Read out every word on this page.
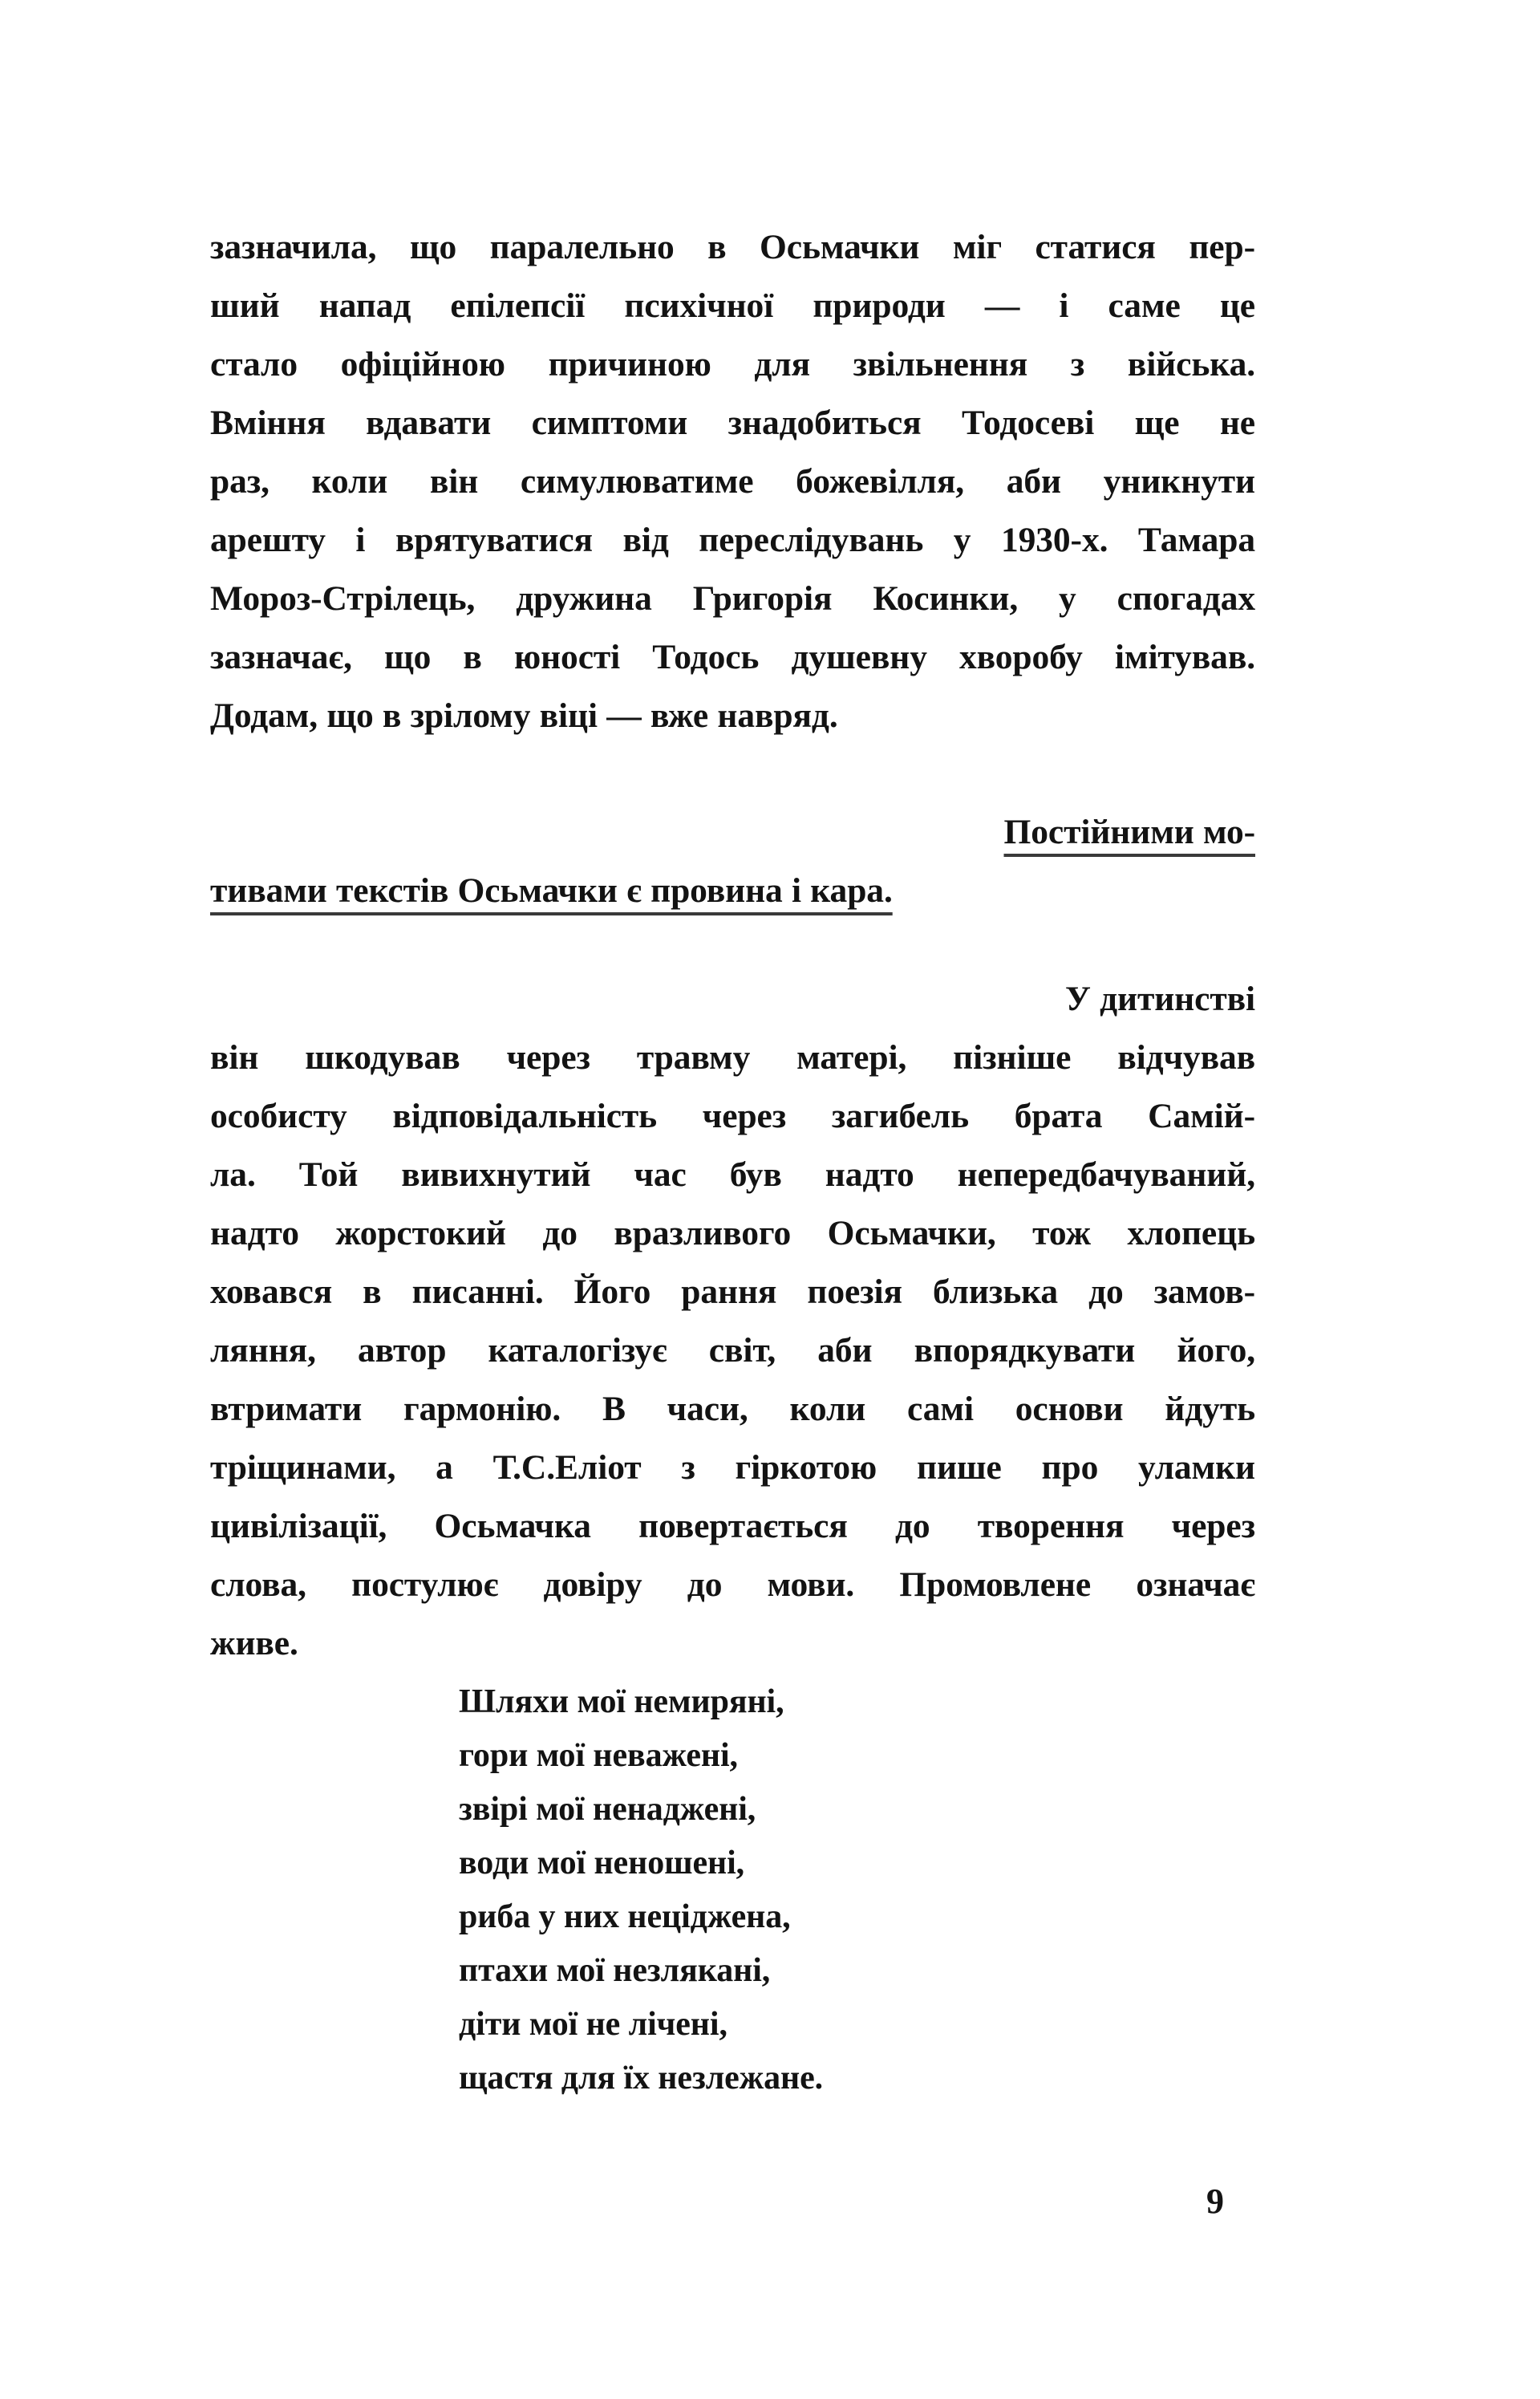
зазначила, що паралельно в Осьмачки міг статися пер-
ший напад епілепсії психічної природи — і саме це
стало офіційною причиною для звільнення з війська.
Вміння вдавати симптоми знадобиться Тодосеві ще не
раз, коли він симулюватиме божевілля, аби уникнути
арешту і врятуватися від переслідувань у 1930-х. Тамара
Мороз-Стрілець, дружина Григорія Косинки, у спогадах
зазначає, що в юності Тодось душевну хворобу імітував.
Додам, що в зрілому віці — вже навряд.
Постійними мо-
тивами текстів Осьмачки є провина і кара.
У дитинстві
він шкодував через травму матері, пізніше відчував
особисту відповідальність через загибель брата Самій-
ла. Той вивихнутий час був надто непередбачуваний,
надто жорстокий до вразливого Осьмачки, тож хлопець
ховався в писанні. Його рання поезія близька до замов-
ляння, автор каталогізує світ, аби впорядкувати його,
втримати гармонію. В часи, коли самі основи йдуть
тріщинами, а Т.С.Еліот з гіркотою пише про уламки
цивілізації, Осьмачка повертається до творення через
слова, постулює довіру до мови. Промовлене означає
живе.
Шляхи мої немиряні,
гори мої неважені,
звірі мої ненаджені,
води мої неношені,
риба у них неціджена,
птахи мої незлякані,
діти мої не лічені,
щастя для їх незлежане.
9
